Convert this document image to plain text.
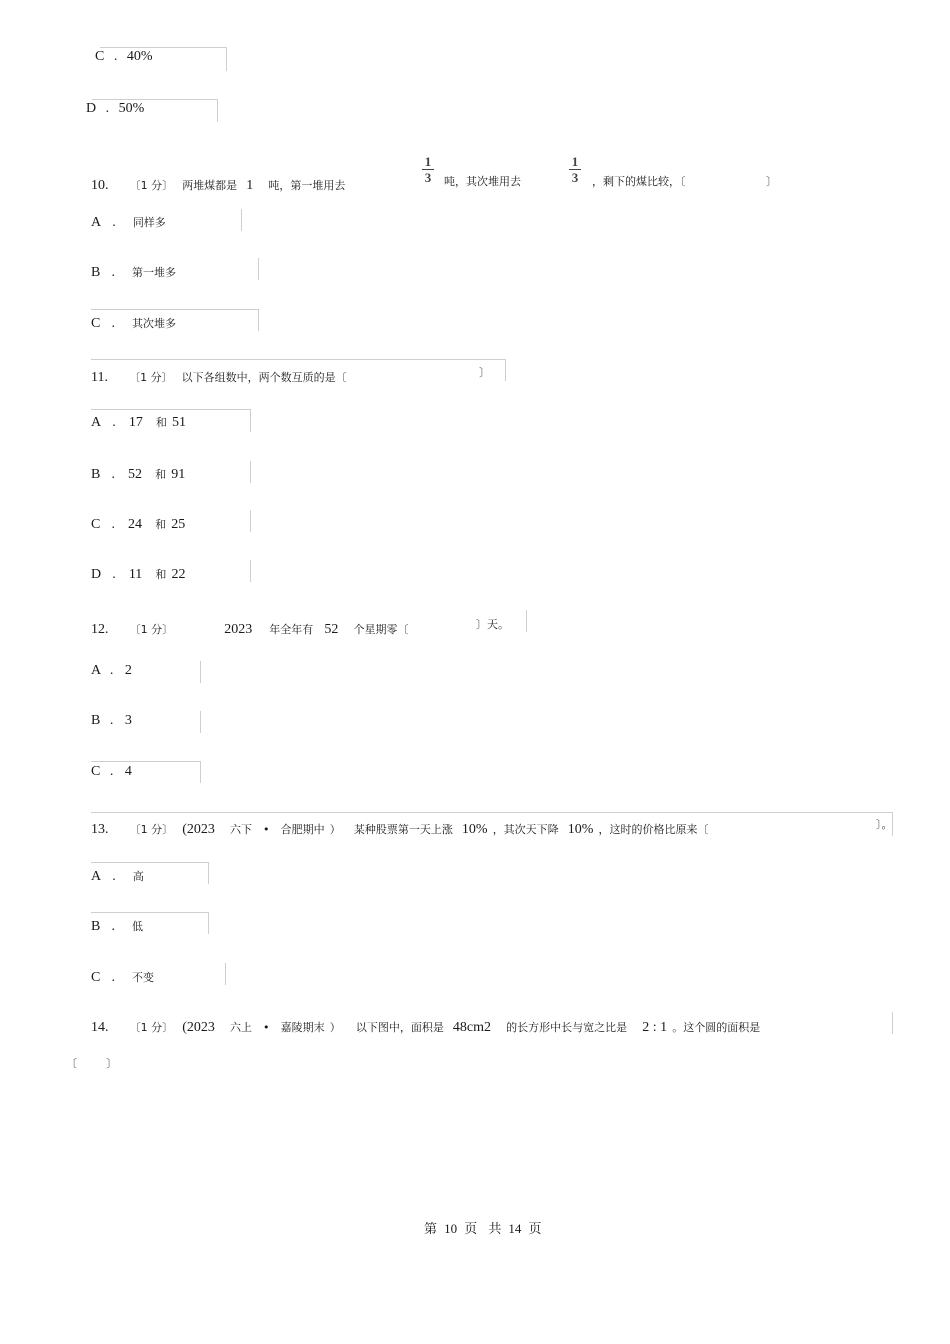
C . 40%
D . 50%
10. 〔1 分〕 两堆煤都是 1 吨，第一堆用去
1
3 吨，其次堆用去
1
3 ，剩下的煤比较，〔	〕
A . 同样多
B . 第一堆多
C . 其次堆多
11. 〔1 分〕 以下各组数中，两个数互质的是〔	〕
A . 17 和 51
B . 52 和 91
C . 24 和 25
D . 11 和 22
12. 〔1 分〕	2023 年全年有 52 个星期零〔	〕天。
A . 2
B . 3
C . 4
13. 〔1 分〕 (2023 六下 • 合肥期中 ） 某种股票第一天上涨 10% ，其次天下降 10% ，这时的价格比原来〔	〕。
A . 高
B . 低
C . 不变
14. 〔1 分〕 (2023 六上 • 嘉陵期末 ） 以下图中，面积是 48cm2 的长方形中长与宽之比是 2 : 1 。这个圆的面积是
〔	〕
第 10 页 共 14 页
